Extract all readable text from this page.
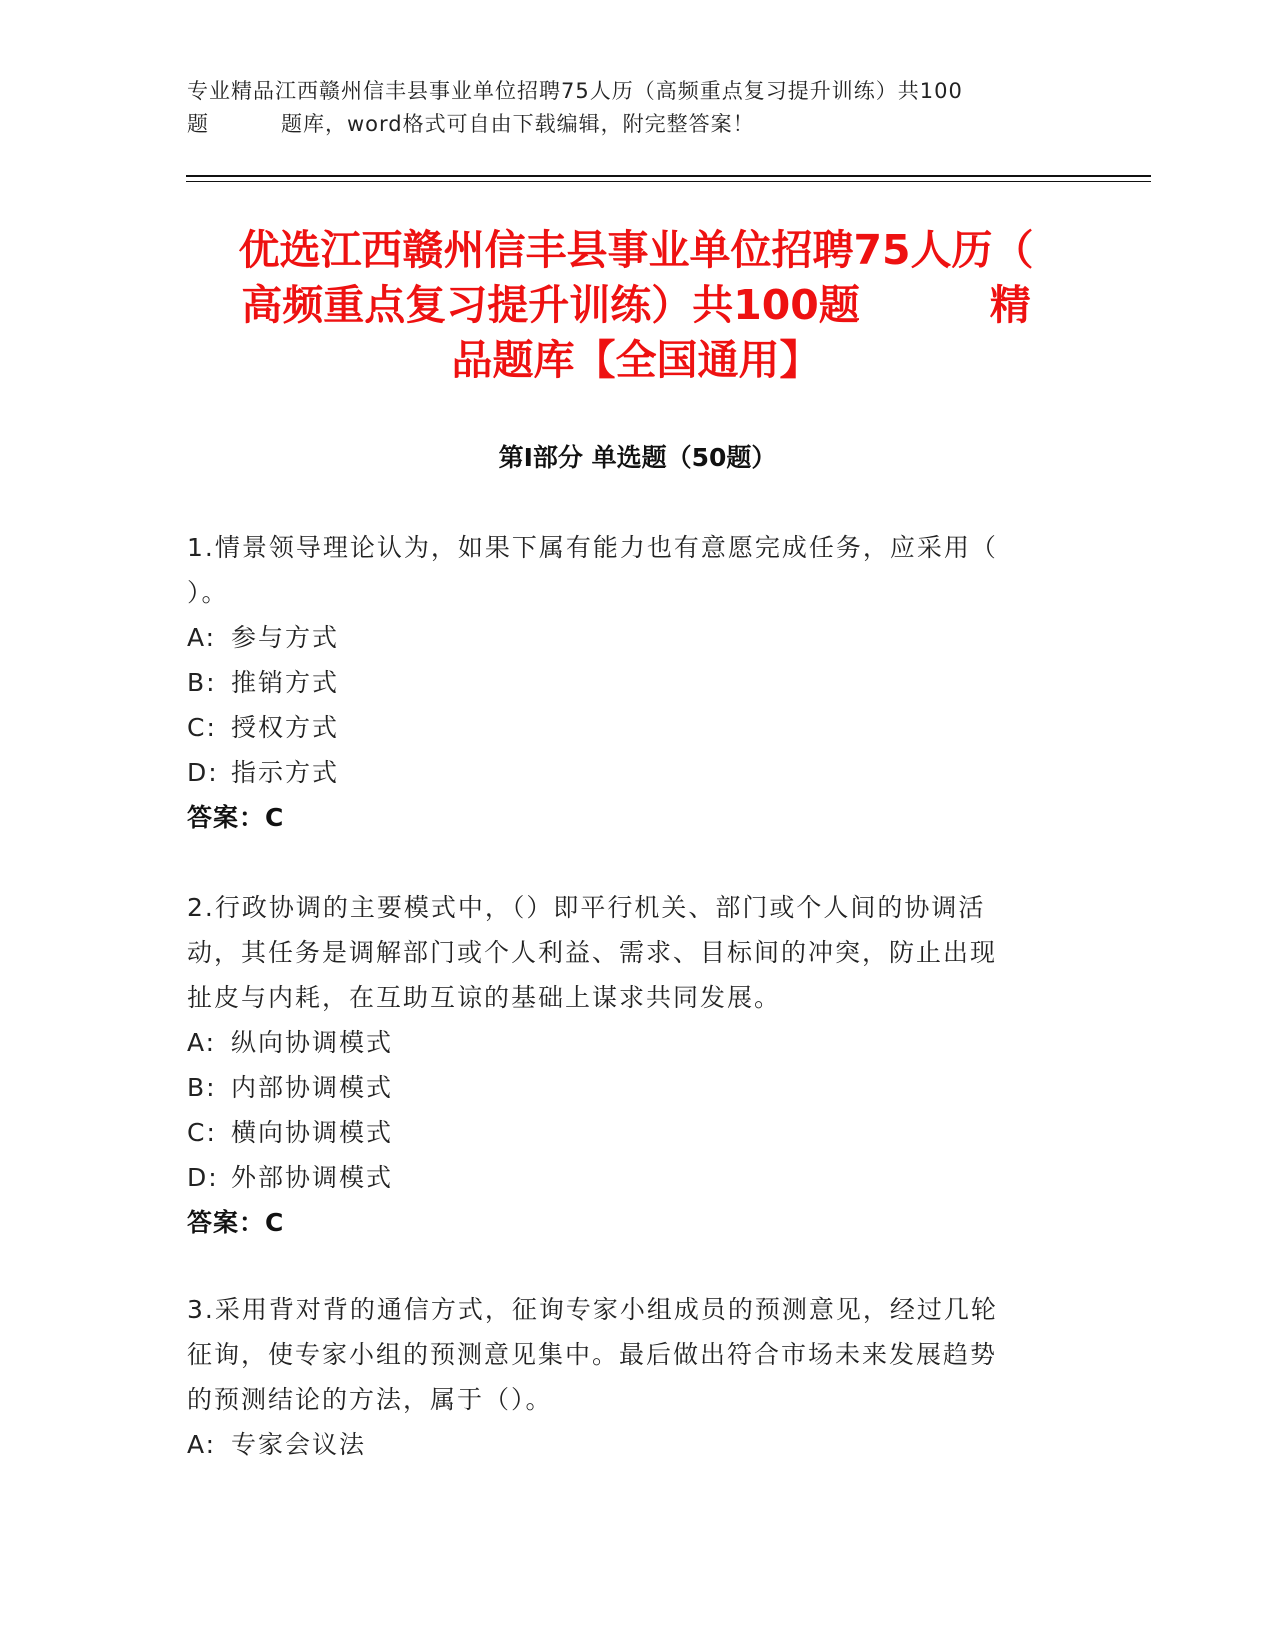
专业精品江西赣州信丰县事业单位招聘75人历（高频重点复习提升训练）共100
题	题库，word格式可自由下载编辑，附完整答案！
优选江西赣州信丰县事业单位招聘75人历（
高频重点复习提升训练）共100题	精
品题库【全国通用】
第Ⅰ部分 单选题（50题）
1.情景领导理论认为，如果下属有能力也有意愿完成任务，应采用（
）。
A: 参与方式
B: 推销方式
C: 授权方式
D: 指示方式
答案：C
2.行政协调的主要模式中，（）即平行机关、部门或个人间的协调活
动，其任务是调解部门或个人利益、需求、目标间的冲突，防止出现
扯皮与内耗，在互助互谅的基础上谋求共同发展。
A: 纵向协调模式
B: 内部协调模式
C: 横向协调模式
D: 外部协调模式
答案：C
3.采用背对背的通信方式，征询专家小组成员的预测意见，经过几轮
征询，使专家小组的预测意见集中。最后做出符合市场未来发展趋势
的预测结论的方法，属于（）。
A: 专家会议法
